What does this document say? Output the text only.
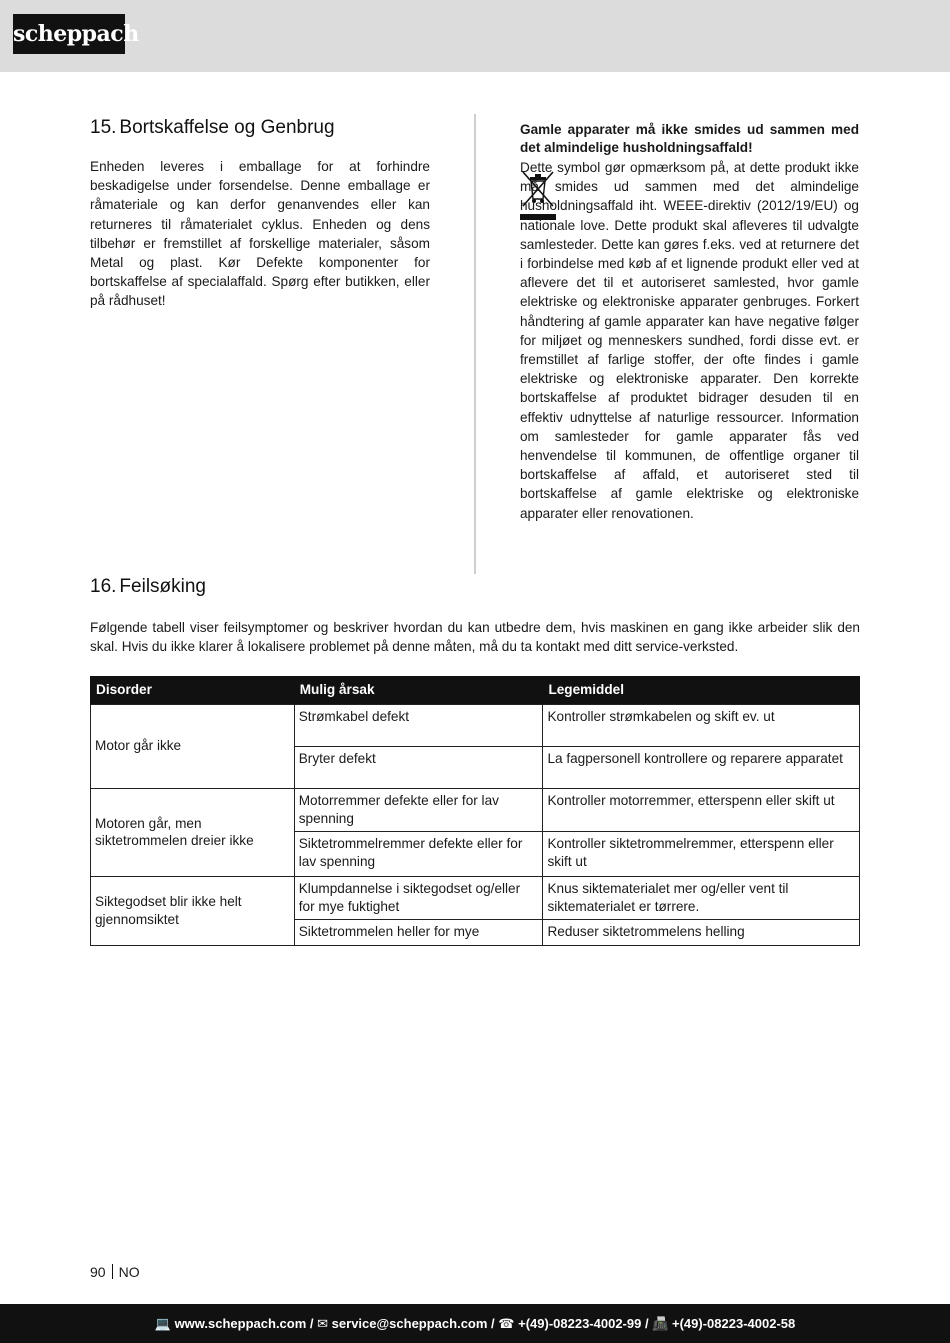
scheppach
15. Bortskaffelse og Genbrug

Enheden leveres i emballage for at forhindre beskadigelse under forsendelse. Denne emballage er råmateriale og kan derfor genanvendes eller kan returneres til råmaterialet cyklus. Enheden og dens tilbehør er fremstillet af forskellige materialer, såsom Metal og plast. Kør Defekte komponenter for bortskaffelse af specialaffald. Spørg efter butikken, eller på rådhuset!

Gamle apparater må ikke smides ud sammen med det almindelige husholdningsaffald!

Dette symbol gør opmærksom på, at dette produkt ikke må smides ud sammen med det almindelige husholdningsaffald iht. WEEE-direktiv (2012/19/EU) og nationale love. Dette produkt skal afleveres til udvalgte samlesteder. Dette kan gøres f.eks. ved at returnere det i forbindelse med køb af et lignende produkt eller ved at aflevere det til et autoriseret samlested, hvor gamle elektriske og elektroniske apparater genbruges. Forkert håndtering af gamle apparater kan have negative følger for miljøet og menneskers sundhed, fordi disse evt. er fremstillet af farlige stoffer, der ofte findes i gamle elektriske og elektroniske apparater. Den korrekte bortskaffelse af produktet bidrager desuden til en effektiv udnyttelse af naturlige ressourcer. Information om samlesteder for gamle apparater fås ved henvendelse til kommunen, de offentlige organer til bortskaffelse af affald, et autoriseret sted til bortskaffelse af gamle elektriske og elektroniske apparater eller renovationen.

16. Feilsøking

Følgende tabell viser feilsymptomer og beskriver hvordan du kan utbedre dem, hvis maskinen en gang ikke arbeider slik den skal. Hvis du ikke klarer å lokalisere problemet på denne måten, må du ta kontakt med ditt service-verksted.

Disorder	Mulig årsak	Legemiddel
Motor går ikke	Strømkabel defekt	Kontroller strømkabelen og skift ev. ut
	Bryter defekt	La fagpersonell kontrollere og reparere apparatet
Motoren går, men siktetrommelen dreier ikke	Motorremmer defekte eller for lav spenning	Kontroller motorremmer, etterspenn eller skift ut
	Siktetrommelremmer defekte eller for lav spenning	Kontroller siktetrommelremmer, etterspenn eller skift ut
Siktegodset blir ikke helt gjennomsiktet	Klumpdannelse i siktegodset og/eller for mye fuktighet	Knus siktematerialet mer og/eller vent til siktematerialet er tørrere.
	Siktetrommelen heller for mye	Reduser siktetrommelens helling
90 NO
💻 www.scheppach.com / ✉ service@scheppach.com / ☎ +(49)-08223-4002-99 / 📠 +(49)-08223-4002-58
